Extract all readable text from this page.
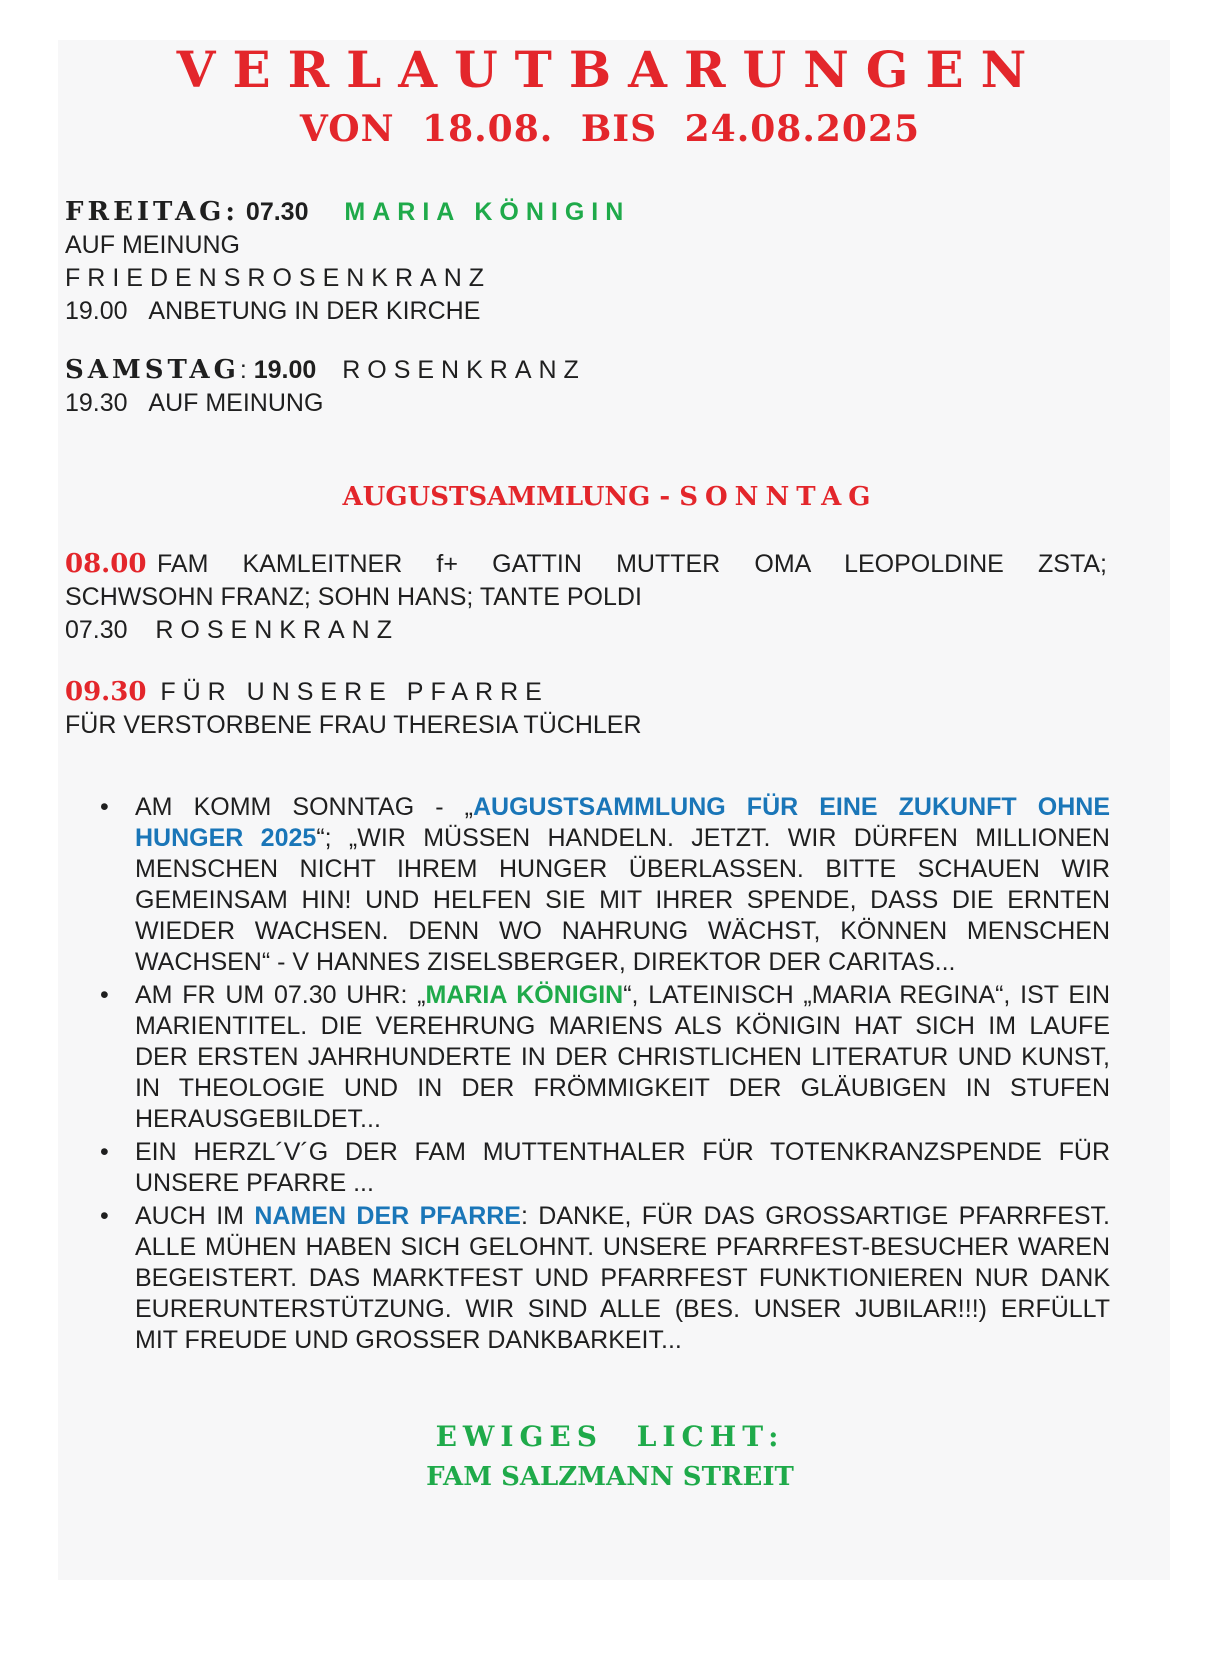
VERLAUTBARUNGEN
VON 18.08. BIS 24.08.2025
FREITAG: 07.30 MARIA KÖNIGIN
AUF MEINUNG
FRIEDENSROSENKRANZ
19.00 ANBETUNG IN DER KIRCHE
SAMSTAG: 19.00 ROSENKRANZ
19.30 AUF MEINUNG
AUGUSTSAMMLUNG - SONNTAG
08.00 FAM KAMLEITNER f+ GATTIN MUTTER OMA LEOPOLDINE ZSTA;
SCHWSOHN FRANZ; SOHN HANS; TANTE POLDI
07.30 ROSENKRANZ
09.30 FÜR UNSERE PFARRE
FÜR VERSTORBENE FRAU THERESIA TÜCHLER
• AM KOMM SONNTAG - „AUGUSTSAMMLUNG FÜR EINE ZUKUNFT OHNE HUNGER 2025“; „WIR MÜSSEN HANDELN. JETZT. WIR DÜRFEN MILLIONEN MENSCHEN NICHT IHREM HUNGER ÜBERLASSEN. BITTE SCHAUEN WIR GEMEINSAM HIN! UND HELFEN SIE MIT IHRER SPENDE, DASS DIE ERNTEN WIEDER WACHSEN. DENN WO NAHRUNG WÄCHST, KÖNNEN MENSCHEN WACHSEN“ - V HANNES ZISELSBERGER, DIREKTOR DER CARITAS...
• AM FR UM 07.30 UHR: „MARIA KÖNIGIN“, LATEINISCH „MARIA REGINA“, IST EIN MARIENTITEL. DIE VEREHRUNG MARIENS ALS KÖNIGIN HAT SICH IM LAUFE DER ERSTEN JAHRHUNDERTE IN DER CHRISTLICHEN LITERATUR UND KUNST, IN THEOLOGIE UND IN DER FRÖMMIGKEIT DER GLÄUBIGEN IN STUFEN HERAUSGEBILDET...
• EIN HERZL´V´G DER FAM MUTTENTHALER FÜR TOTENKRANZSPENDE FÜR UNSERE PFARRE ...
• AUCH IM NAMEN DER PFARRE: DANKE, FÜR DAS GROSSARTIGE PFARRFEST. ALLE MÜHEN HABEN SICH GELOHNT. UNSERE PFARRFEST-BESUCHER WAREN BEGEISTERT. DAS MARKTFEST UND PFARRFEST FUNKTIONIEREN NUR DANK EURERUNTERSTÜTZUNG. WIR SIND ALLE (BES. UNSER JUBILAR!!!) ERFÜLLT MIT FREUDE UND GROSSER DANKBARKEIT...
EWIGES LICHT:
FAM SALZMANN STREIT
